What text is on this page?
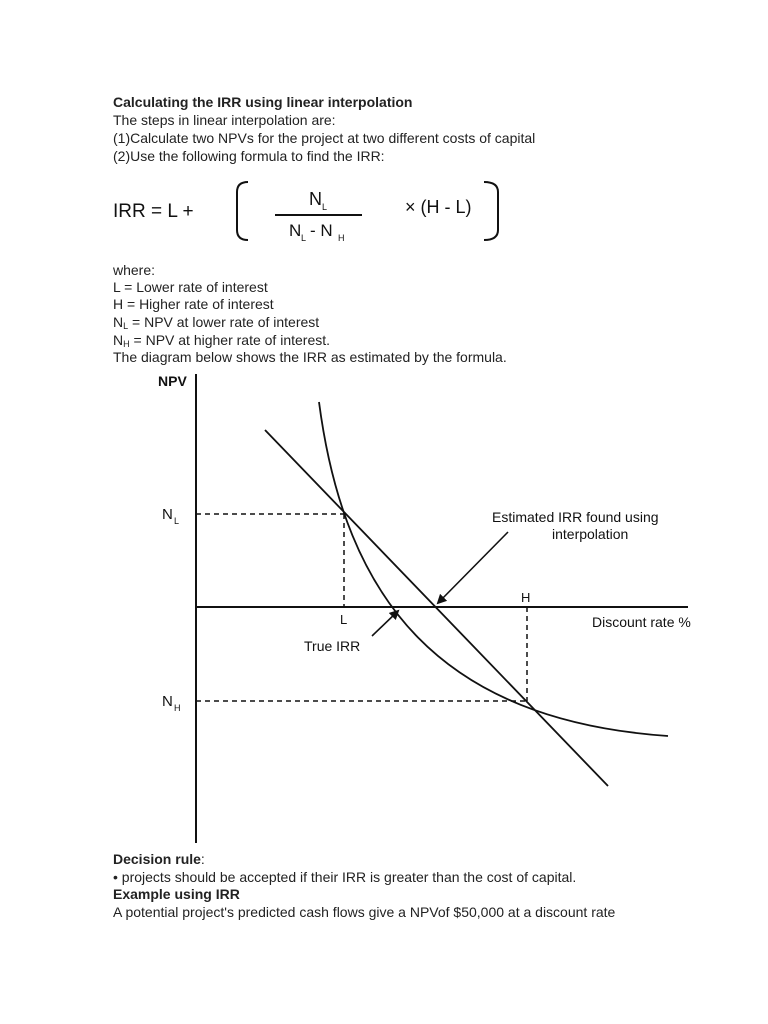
Calculating the IRR using linear interpolation
The steps in linear interpolation are:
(1)Calculate two NPVs for the project at two different costs of capital
(2)Use the following formula to find the IRR:
IRR = L +
N L
N L - N H
× (H - L)
where:
L = Lower rate of interest
H = Higher rate of interest
$N_L$ = NPV at lower rate of interest
$N_H$ = NPV at higher rate of interest.
The diagram below shows the IRR as estimated by the formula.
NPV
Discount rate %
N L
N H
L
H
Estimated IRR found using
interpolation
True IRR
Decision rule:
• projects should be accepted if their IRR is greater than the cost of capital.
Example using IRR
A potential project's predicted cash flows give a NPVof $50,000 at a discount rate
